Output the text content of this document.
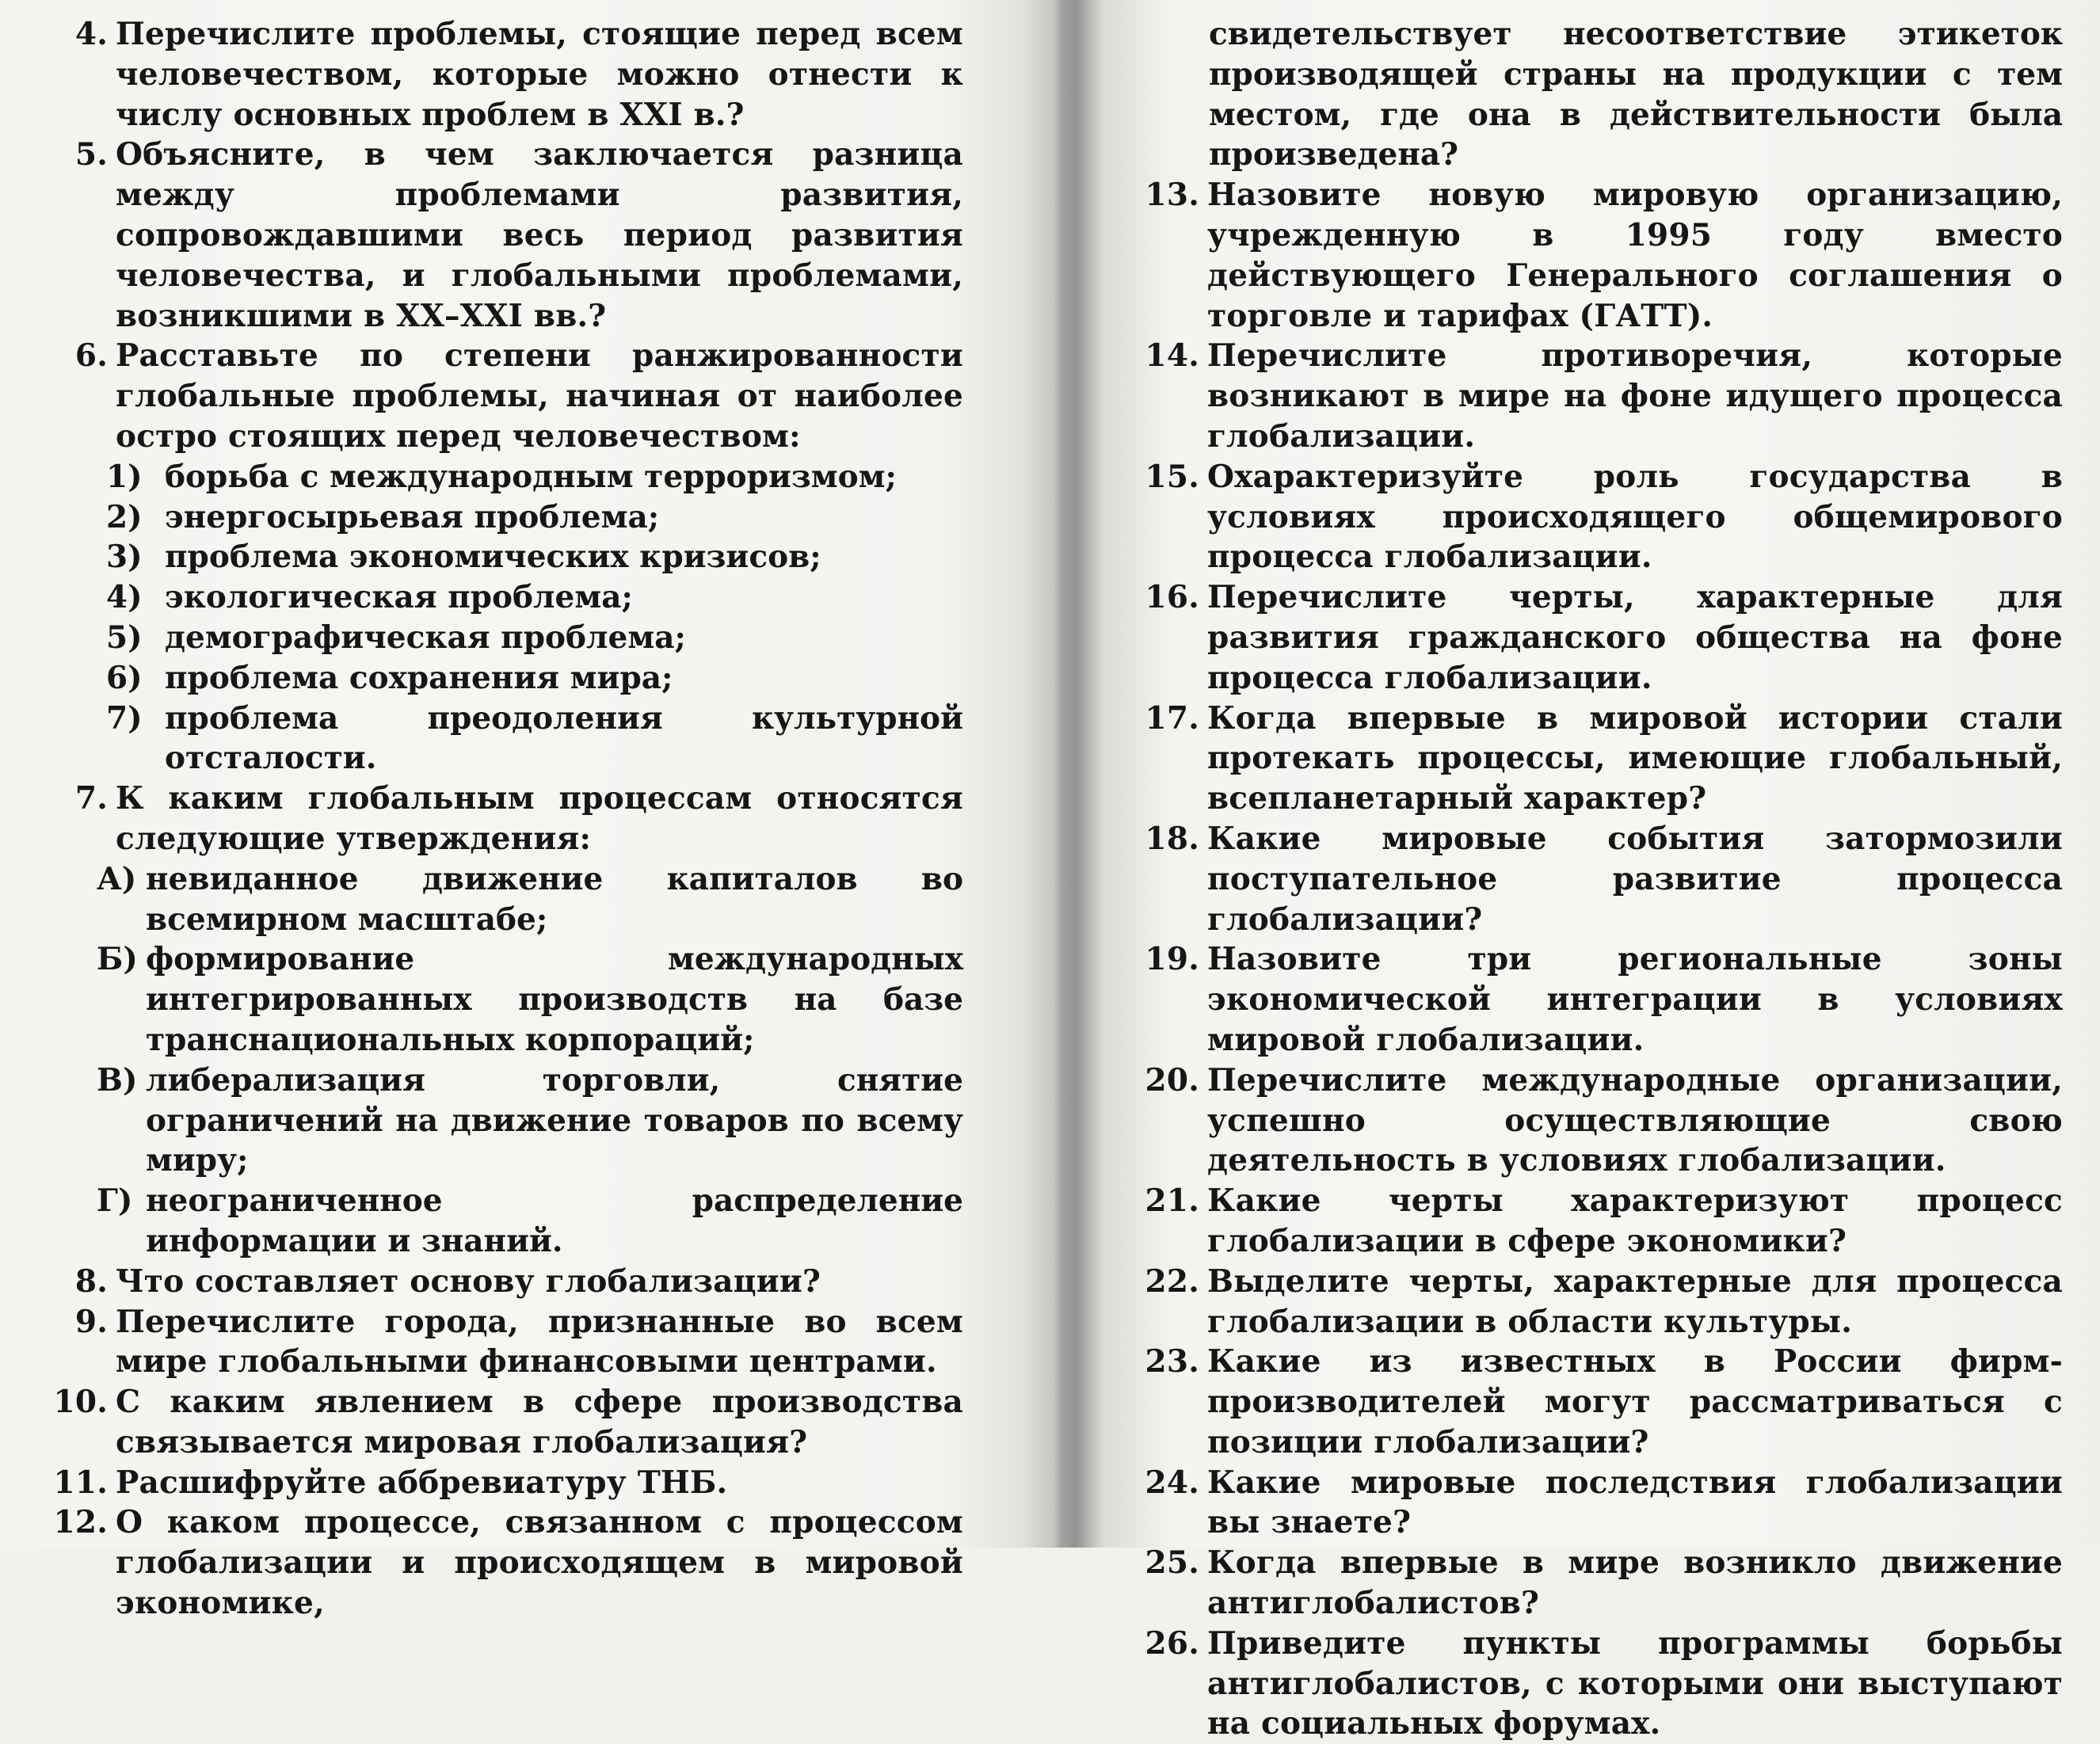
4. Перечислите проблемы, стоящие перед всем человечеством, которые можно отнести к числу основных проблем в XXI в.?
5. Объясните, в чем заключается разница между проблемами развития, сопровождавшими весь период развития человечества, и глобальными проблемами, возникшими в XX–XXI вв.?
6. Расставьте по степени ранжированности глобальные проблемы, начиная от наиболее остро стоящих перед человечеством:
1) борьба с международным терроризмом;
2) энергосырьевая проблема;
3) проблема экономических кризисов;
4) экологическая проблема;
5) демографическая проблема;
6) проблема сохранения мира;
7) проблема преодоления культурной отсталости.
7. К каким глобальным процессам относятся следующие утверждения:
А) невиданное движение капиталов во всемирном масштабе;
Б) формирование международных интегрированных производств на базе транснациональных корпораций;
В) либерализация торговли, снятие ограничений на движение товаров по всему миру;
Г) неограниченное распределение информации и знаний.
8. Что составляет основу глобализации?
9. Перечислите города, признанные во всем мире глобальными финансовыми центрами.
10. С каким явлением в сфере производства связывается мировая глобализация?
11. Расшифруйте аббревиатуру ТНБ.
12. О каком процессе, связанном с процессом глобализации и происходящем в мировой экономике,
свидетельствует несоответствие этикеток производящей страны на продукции с тем местом, где она в действительности была произведена?
13. Назовите новую мировую организацию, учрежденную в 1995 году вместо действующего Генерального соглашения о торговле и тарифах (ГАТТ).
14. Перечислите противоречия, которые возникают в мире на фоне идущего процесса глобализации.
15. Охарактеризуйте роль государства в условиях происходящего общемирового процесса глобализации.
16. Перечислите черты, характерные для развития гражданского общества на фоне процесса глобализации.
17. Когда впервые в мировой истории стали протекать процессы, имеющие глобальный, всепланетарный характер?
18. Какие мировые события затормозили поступательное развитие процесса глобализации?
19. Назовите три региональные зоны экономической интеграции в условиях мировой глобализации.
20. Перечислите международные организации, успешно осуществляющие свою деятельность в условиях глобализации.
21. Какие черты характеризуют процесс глобализации в сфере экономики?
22. Выделите черты, характерные для процесса глобализации в области культуры.
23. Какие из известных в России фирм-производителей могут рассматриваться с позиции глобализации?
24. Какие мировые последствия глобализации вы знаете?
25. Когда впервые в мире возникло движение антиглобалистов?
26. Приведите пункты программы борьбы антиглобалистов, с которыми они выступают на социальных форумах.
